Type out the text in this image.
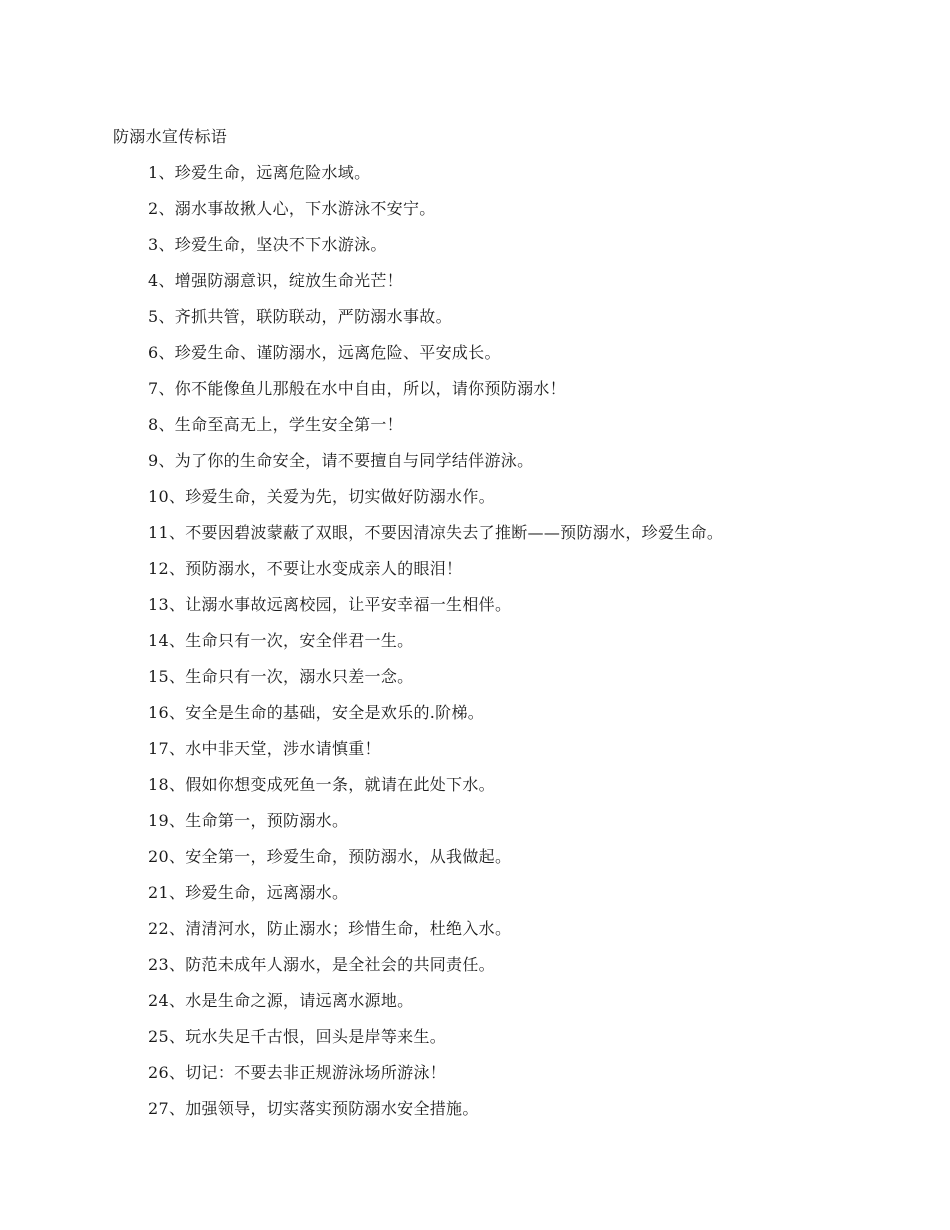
防溺水宣传标语
1、珍爱生命，远离危险水域。
2、溺水事故揪人心，下水游泳不安宁。
3、珍爱生命，坚决不下水游泳。
4、增强防溺意识，绽放生命光芒！
5、齐抓共管，联防联动，严防溺水事故。
6、珍爱生命、谨防溺水，远离危险、平安成长。
7、你不能像鱼儿那般在水中自由，所以，请你预防溺水！
8、生命至高无上，学生安全第一！
9、为了你的生命安全，请不要擅自与同学结伴游泳。
10、珍爱生命，关爱为先，切实做好防溺水作。
11、不要因碧波蒙蔽了双眼，不要因清凉失去了推断——预防溺水，珍爱生命。
12、预防溺水，不要让水变成亲人的眼泪！
13、让溺水事故远离校园，让平安幸福一生相伴。
14、生命只有一次，安全伴君一生。
15、生命只有一次，溺水只差一念。
16、安全是生命的基础，安全是欢乐的.阶梯。
17、水中非天堂，涉水请慎重！
18、假如你想变成死鱼一条，就请在此处下水。
19、生命第一，预防溺水。
20、安全第一，珍爱生命，预防溺水，从我做起。
21、珍爱生命，远离溺水。
22、清清河水，防止溺水；珍惜生命，杜绝入水。
23、防范未成年人溺水，是全社会的共同责任。
24、水是生命之源，请远离水源地。
25、玩水失足千古恨，回头是岸等来生。
26、切记：不要去非正规游泳场所游泳！
27、加强领导，切实落实预防溺水安全措施。
